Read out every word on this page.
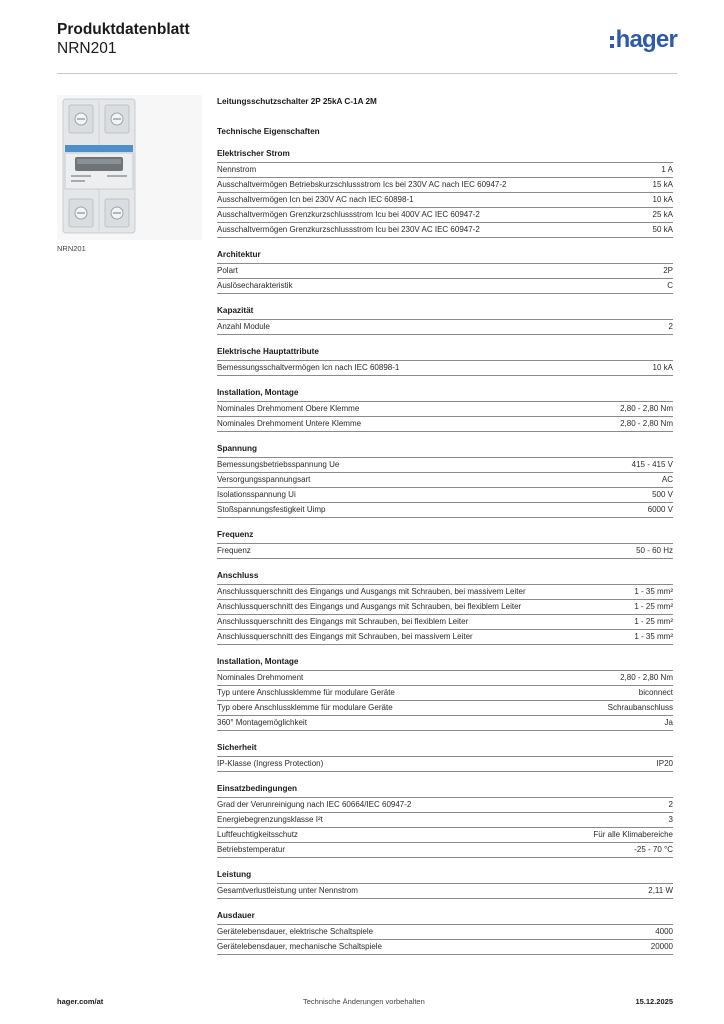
Produktdatenblatt
NRN201	hager
NRN201
Leitungsschutzschalter 2P 25kA C-1A 2M
Technische Eigenschaften
Elektrischer Strom
Nennstrom	1 A
Ausschaltvermögen Betriebskurzschlussstrom Ics bei 230V AC nach IEC 60947-2	15 kA
Ausschaltvermögen Icn bei 230V AC nach IEC 60898-1	10 kA
Ausschaltvermögen Grenzkurzschlussstrom Icu bei 400V AC IEC 60947-2	25 kA
Ausschaltvermögen Grenzkurzschlussstrom Icu bei 230V AC IEC 60947-2	50 kA
Architektur
Polart	2P
Auslösecharakteristik	C
Kapazität
Anzahl Module	2
Elektrische Hauptattribute
Bemessungsschaltvermögen Icn nach IEC 60898-1	10 kA
Installation, Montage
Nominales Drehmoment Obere Klemme	2,80 - 2,80 Nm
Nominales Drehmoment Untere Klemme	2,80 - 2,80 Nm
Spannung
Bemessungsbetriebsspannung Ue	415 - 415 V
Versorgungsspannungsart	AC
Isolationsspannung Ui	500 V
Stoßspannungsfestigkeit Uimp	6000 V
Frequenz
Frequenz	50 - 60 Hz
Anschluss
Anschlussquerschnitt des Eingangs und Ausgangs mit Schrauben, bei massivem Leiter	1 - 35 mm²
Anschlussquerschnitt des Eingangs und Ausgangs mit Schrauben, bei flexiblem Leiter	1 - 25 mm²
Anschlussquerschnitt des Eingangs mit Schrauben, bei flexiblem Leiter	1 - 25 mm²
Anschlussquerschnitt des Eingangs mit Schrauben, bei massivem Leiter	1 - 35 mm²
Installation, Montage
Nominales Drehmoment	2,80 - 2,80 Nm
Typ untere Anschlussklemme für modulare Geräte	biconnect
Typ obere Anschlussklemme für modulare Geräte	Schraubanschluss
360° Montagemöglichkeit	Ja
Sicherheit
IP-Klasse (Ingress Protection)	IP20
Einsatzbedingungen
Grad der Verunreinigung nach IEC 60664/IEC 60947-2	2
Energiebegrenzungsklasse I²t	3
Luftfeuchtigkeitsschutz	Für alle Klimabereiche
Betriebstemperatur	-25 - 70 °C
Leistung
Gesamtverlustleistung unter Nennstrom	2,11 W
Ausdauer
Gerätelebensdauer, elektrische Schaltspiele	4000
Gerätelebensdauer, mechanische Schaltspiele	20000
hager.com/at	Technische Änderungen vorbehalten	15.12.2025
